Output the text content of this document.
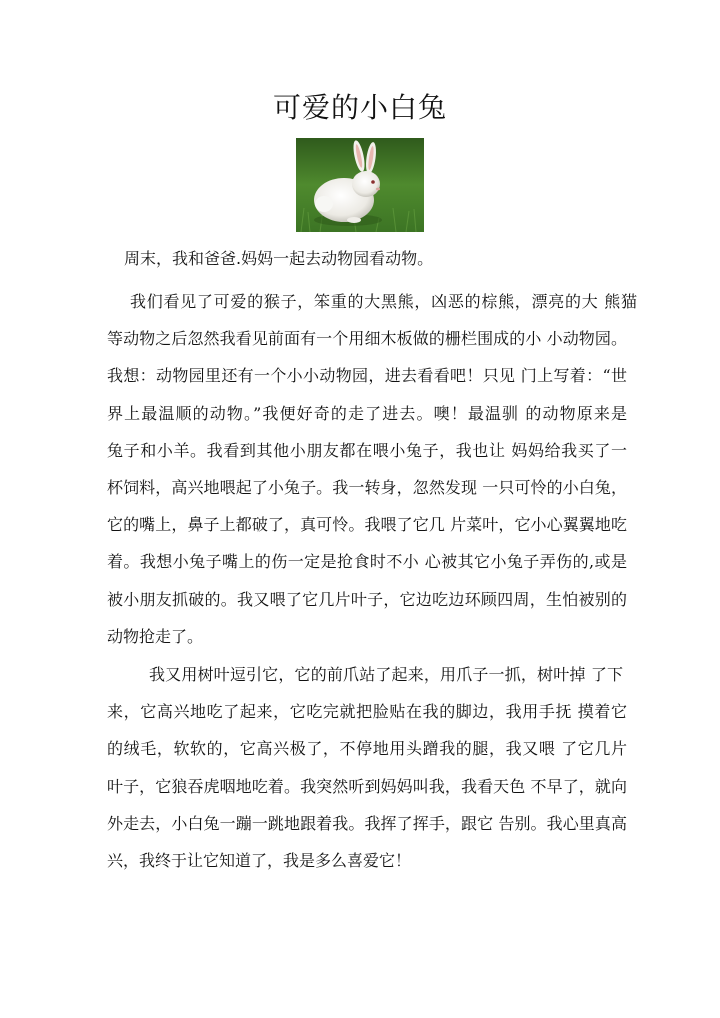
可爱的小白兔
周末，我和爸爸.妈妈一起去动物园看动物。
我们看见了可爱的猴子，笨重的大黑熊，凶恶的棕熊，漂亮的大 熊猫
等动物之后忽然我看见前面有一个用细木板做的栅栏围成的小 小动物园。
我想：动物园里还有一个小小动物园，进去看看吧！只见 门上写着：“世
界上最温顺的动物。”我便好奇的走了进去。噢！最温驯 的动物原来是
兔子和小羊。我看到其他小朋友都在喂小兔子，我也让 妈妈给我买了一
杯饲料，高兴地喂起了小兔子。我一转身，忽然发现 一只可怜的小白兔，
它的嘴上，鼻子上都破了，真可怜。我喂了它几 片菜叶，它小心翼翼地吃
着。我想小兔子嘴上的伤一定是抢食时不小 心被其它小兔子弄伤的,或是
被小朋友抓破的。我又喂了它几片叶子，它边吃边环顾四周，生怕被别的
动物抢走了。
我又用树叶逗引它，它的前爪站了起来，用爪子一抓，树叶掉 了下
来，它高兴地吃了起来，它吃完就把脸贴在我的脚边，我用手抚 摸着它
的绒毛，软软的，它高兴极了，不停地用头蹭我的腿，我又喂 了它几片
叶子，它狼吞虎咽地吃着。我突然听到妈妈叫我，我看天色 不早了，就向
外走去，小白兔一蹦一跳地跟着我。我挥了挥手，跟它 告别。我心里真高
兴，我终于让它知道了，我是多么喜爱它！
